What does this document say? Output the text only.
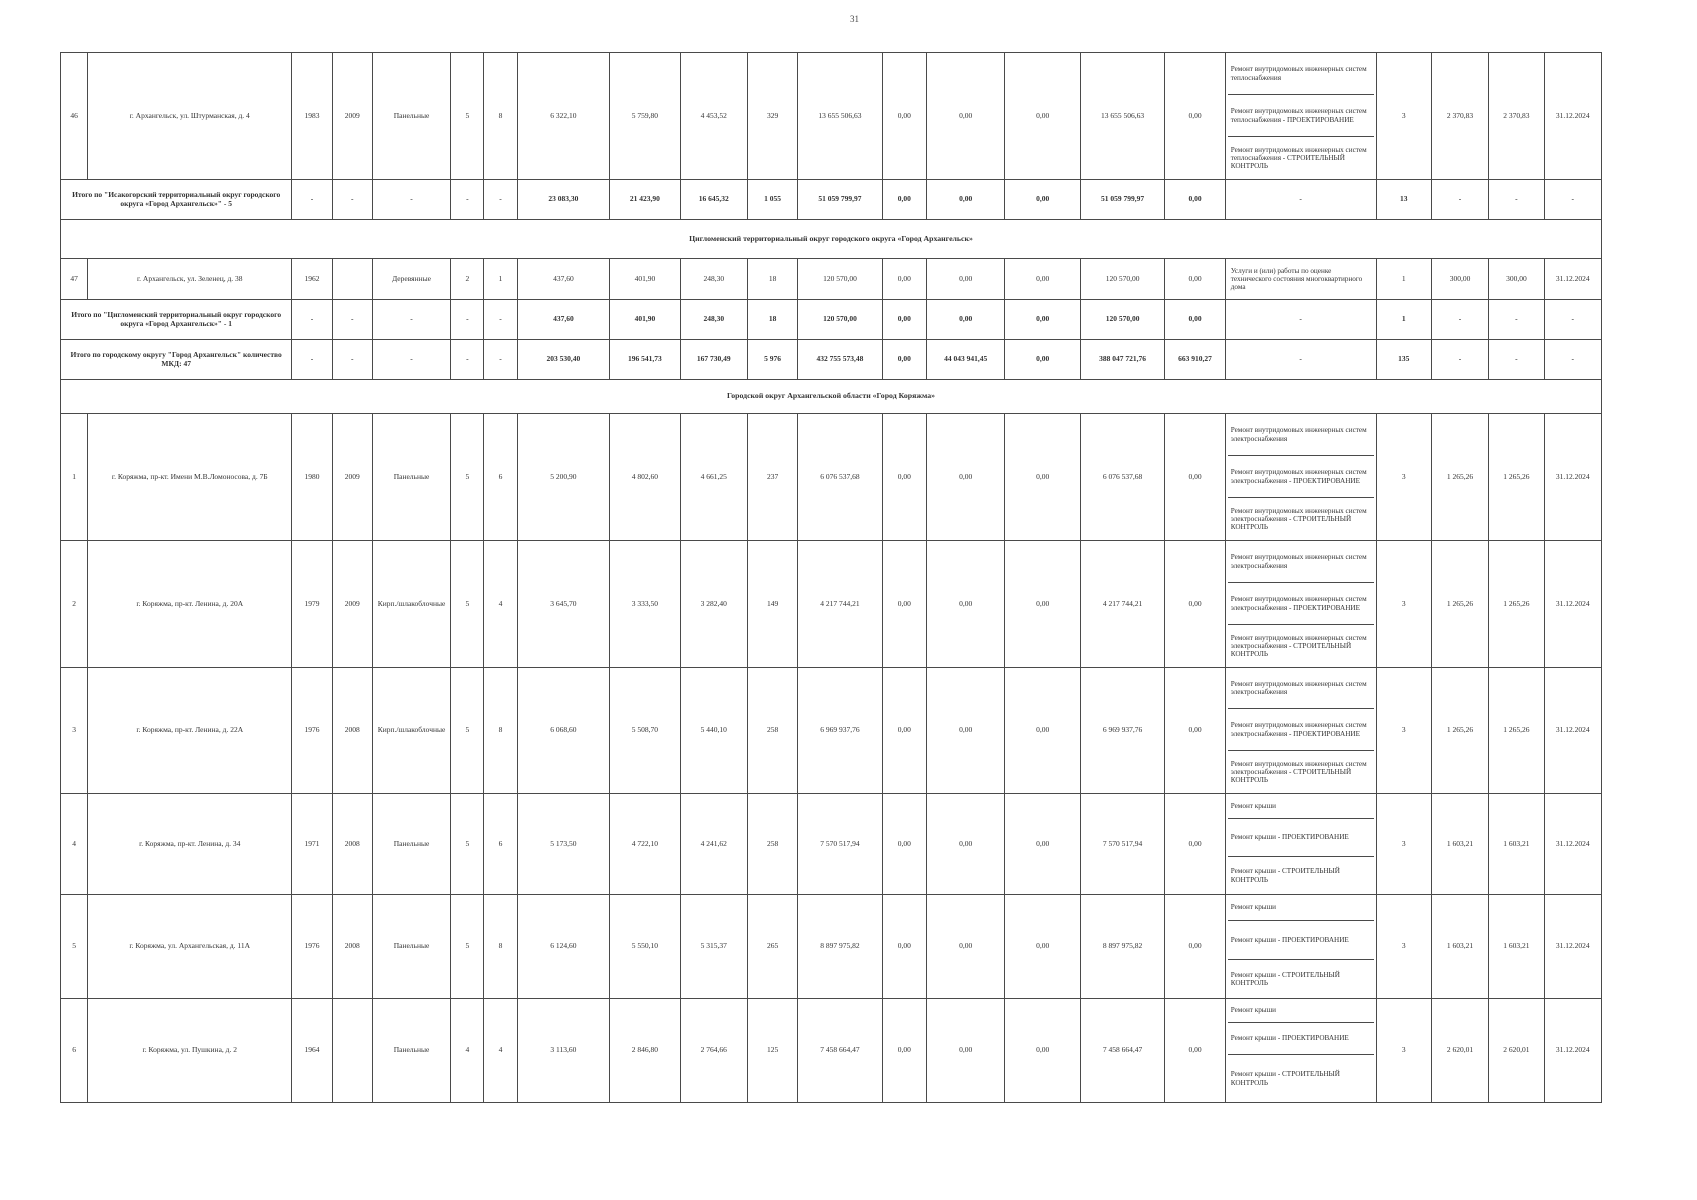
31
46	г. Архангельск, ул. Штурманская, д. 4	1983	2009	Панельные	5	8	6 322,10	5 759,80	4 453,52	329	13 655 506,63	0,00	0,00	0,00	13 655 506,63	0,00	Ремонт внутридомовых инженерных систем теплоснабжения
Ремонт внутридомовых инженерных систем теплоснабжения - ПРОЕКТИРОВАНИЕ
Ремонт внутридомовых инженерных систем теплоснабжения - СТРОИТЕЛЬНЫЙ КОНТРОЛЬ	3	2 370,83	2 370,83	31.12.2024
Итого по "Исакогорский территориальный округ городского округа «Город Архангельск»" - 5		-	-	-	-	-	23 083,30	21 423,90	16 645,32	1 055	51 059 799,97	0,00	0,00	0,00	51 059 799,97	0,00	-	13	-	-	-
Цигломенский территориальный округ городского округа «Город Архангельск»																					
47	г. Архангельск, ул. Зеленец, д. 38	1962		Деревянные	2	1	437,60	401,90	248,30	18	120 570,00	0,00	0,00	0,00	120 570,00	0,00	Услуги и (или) работы по оценке технического состояния многоквартирного дома	1	300,00	300,00	31.12.2024
Итого по "Цигломенский территориальный округ городского округа «Город Архангельск»" - 1		-	-	-	-	-	437,60	401,90	248,30	18	120 570,00	0,00	0,00	0,00	120 570,00	0,00	-	1	-	-	-
Итого по городскому округу "Город Архангельск" количество МКД: 47		-	-	-	-	-	203 530,40	196 541,73	167 730,49	5 976	432 755 573,48	0,00	44 043 941,45	0,00	388 047 721,76	663 910,27	-	135	-	-	-
Городской округ Архангельской области «Город Коряжма»																					
1	г. Коряжма, пр-кт. Имени М.В.Ломоносова, д. 7Б	1980	2009	Панельные	5	6	5 200,90	4 802,60	4 661,25	237	6 076 537,68	0,00	0,00	0,00	6 076 537,68	0,00	Ремонт внутридомовых инженерных систем электроснабжения
Ремонт внутридомовых инженерных систем электроснабжения - ПРОЕКТИРОВАНИЕ
Ремонт внутридомовых инженерных систем электроснабжения - СТРОИТЕЛЬНЫЙ КОНТРОЛЬ	3	1 265,26	1 265,26	31.12.2024
2	г. Коряжма, пр-кт. Ленина, д. 20А	1979	2009	Кирп./шлакоблочные	5	4	3 645,70	3 333,50	3 282,40	149	4 217 744,21	0,00	0,00	0,00	4 217 744,21	0,00	Ремонт внутридомовых инженерных систем электроснабжения
Ремонт внутридомовых инженерных систем электроснабжения - ПРОЕКТИРОВАНИЕ
Ремонт внутридомовых инженерных систем электроснабжения - СТРОИТЕЛЬНЫЙ КОНТРОЛЬ	3	1 265,26	1 265,26	31.12.2024
3	г. Коряжма, пр-кт. Ленина, д. 22А	1976	2008	Кирп./шлакоблочные	5	8	6 068,60	5 508,70	5 440,10	258	6 969 937,76	0,00	0,00	0,00	6 969 937,76	0,00	Ремонт внутридомовых инженерных систем электроснабжения
Ремонт внутридомовых инженерных систем электроснабжения - ПРОЕКТИРОВАНИЕ
Ремонт внутридомовых инженерных систем электроснабжения - СТРОИТЕЛЬНЫЙ КОНТРОЛЬ	3	1 265,26	1 265,26	31.12.2024
4	г. Коряжма, пр-кт. Ленина, д. 34	1971	2008	Панельные	5	6	5 173,50	4 722,10	4 241,62	258	7 570 517,94	0,00	0,00	0,00	7 570 517,94	0,00	Ремонт крыши
Ремонт крыши - ПРОЕКТИРОВАНИЕ
Ремонт крыши - СТРОИТЕЛЬНЫЙ КОНТРОЛЬ	3	1 603,21	1 603,21	31.12.2024
5	г. Коряжма, ул. Архангельская, д. 11А	1976	2008	Панельные	5	8	6 124,60	5 550,10	5 315,37	265	8 897 975,82	0,00	0,00	0,00	8 897 975,82	0,00	Ремонт крыши
Ремонт крыши - ПРОЕКТИРОВАНИЕ
Ремонт крыши - СТРОИТЕЛЬНЫЙ КОНТРОЛЬ	3	1 603,21	1 603,21	31.12.2024
6	г. Коряжма, ул. Пушкина, д. 2	1964		Панельные	4	4	3 113,60	2 846,80	2 764,66	125	7 458 664,47	0,00	0,00	0,00	7 458 664,47	0,00	Ремонт крыши
Ремонт крыши - ПРОЕКТИРОВАНИЕ
Ремонт крыши - СТРОИТЕЛЬНЫЙ КОНТРОЛЬ	3	2 620,01	2 620,01	31.12.2024
